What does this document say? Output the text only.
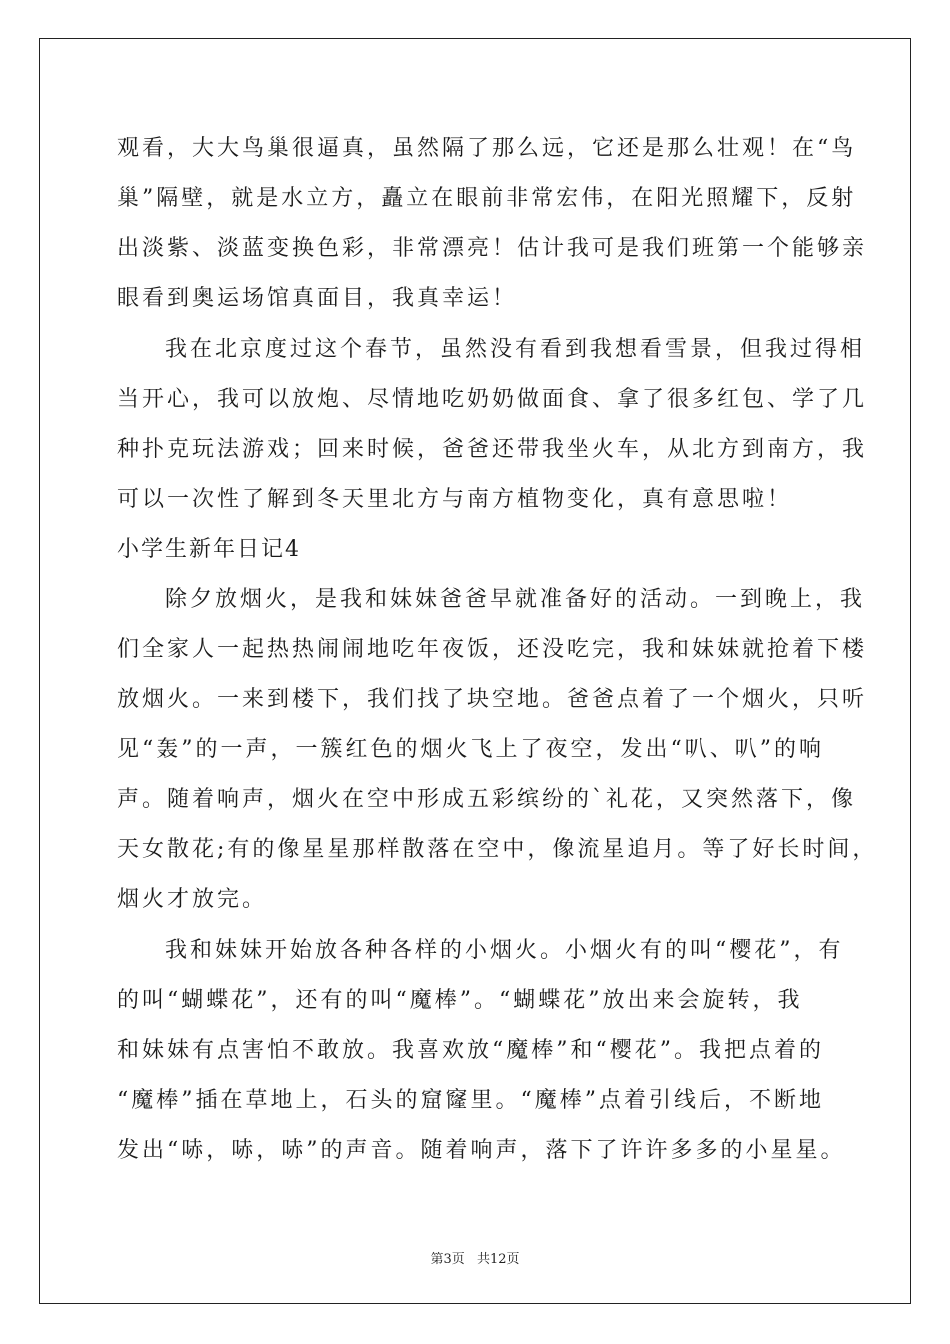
观看，大大鸟巢很逼真，虽然隔了那么远，它还是那么壮观！在“鸟
巢”隔壁，就是水立方，矗立在眼前非常宏伟，在阳光照耀下，反射
出淡紫、淡蓝变换色彩，非常漂亮！估计我可是我们班第一个能够亲
眼看到奥运场馆真面目，我真幸运！
我在北京度过这个春节，虽然没有看到我想看雪景，但我过得相
当开心，我可以放炮、尽情地吃奶奶做面食、拿了很多红包、学了几
种扑克玩法游戏；回来时候，爸爸还带我坐火车，从北方到南方，我
可以一次性了解到冬天里北方与南方植物变化，真有意思啦！
小学生新年日记4
除夕放烟火，是我和妹妹爸爸早就准备好的活动。一到晚上，我
们全家人一起热热闹闹地吃年夜饭，还没吃完，我和妹妹就抢着下楼
放烟火。一来到楼下，我们找了块空地。爸爸点着了一个烟火，只听
见“轰”的一声，一簇红色的烟火飞上了夜空，发出“叭、叭”的响
声。随着响声，烟火在空中形成五彩缤纷的`礼花，又突然落下，像
天女散花;有的像星星那样散落在空中，像流星追月。等了好长时间，
烟火才放完。
我和妹妹开始放各种各样的小烟火。小烟火有的叫“樱花”，有
的叫“蝴蝶花”，还有的叫“魔棒”。“蝴蝶花”放出来会旋转，我
和妹妹有点害怕不敢放。我喜欢放“魔棒”和“樱花”。我把点着的
“魔棒”插在草地上，石头的窟窿里。“魔棒”点着引线后，不断地
发出“哧，哧，哧”的声音。随着响声，落下了许许多多的小星星。
第3页 共12页
